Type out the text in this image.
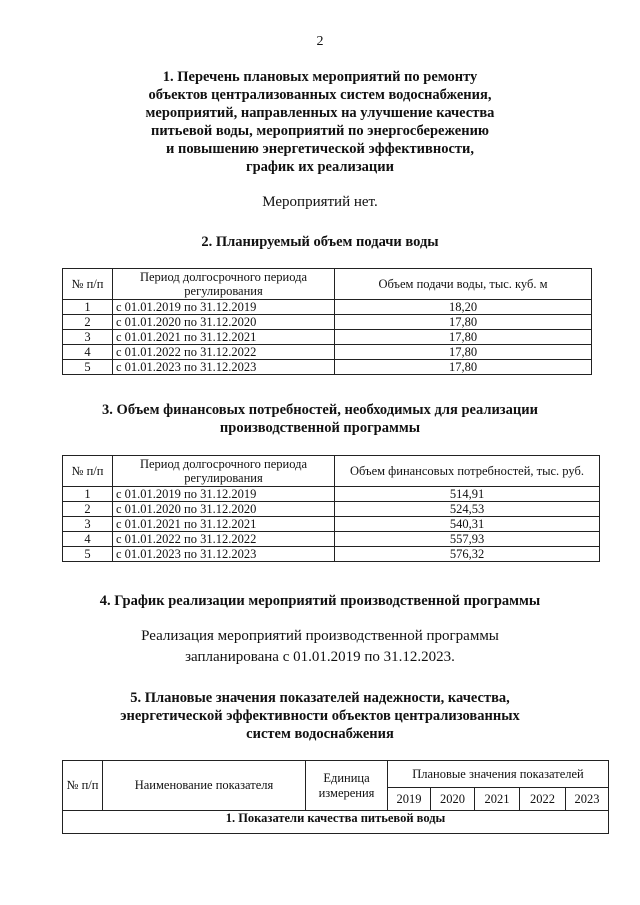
2
1. Перечень плановых мероприятий по ремонту
объектов централизованных систем водоснабжения,
мероприятий, направленных на улучшение качества
питьевой воды, мероприятий по энергосбережению
и повышению энергетической эффективности,
график их реализации
Мероприятий нет.
2. Планируемый объем подачи воды
№ п/п	Период долгосрочного периода регулирования	Объем подачи воды, тыс. куб. м
1	с 01.01.2019 по 31.12.2019	18,20
2	с 01.01.2020 по 31.12.2020	17,80
3	с 01.01.2021 по 31.12.2021	17,80
4	с 01.01.2022 по 31.12.2022	17,80
5	с 01.01.2023 по 31.12.2023	17,80
3. Объем финансовых потребностей, необходимых для реализации
производственной программы
№ п/п	Период долгосрочного периода регулирования	Объем финансовых потребностей, тыс. руб.
1	с 01.01.2019 по 31.12.2019	514,91
2	с 01.01.2020 по 31.12.2020	524,53
3	с 01.01.2021 по 31.12.2021	540,31
4	с 01.01.2022 по 31.12.2022	557,93
5	с 01.01.2023 по 31.12.2023	576,32
4. График реализации мероприятий производственной программы
Реализация мероприятий производственной программы
запланирована с 01.01.2019 по 31.12.2023.
5. Плановые значения показателей надежности, качества,
энергетической эффективности объектов централизованных
систем водоснабжения
№ п/п	Наименование показателя	Единица измерения	Плановые значения показателей				
			2019	2020	2021	2022	2023
1. Показатели качества питьевой воды							
